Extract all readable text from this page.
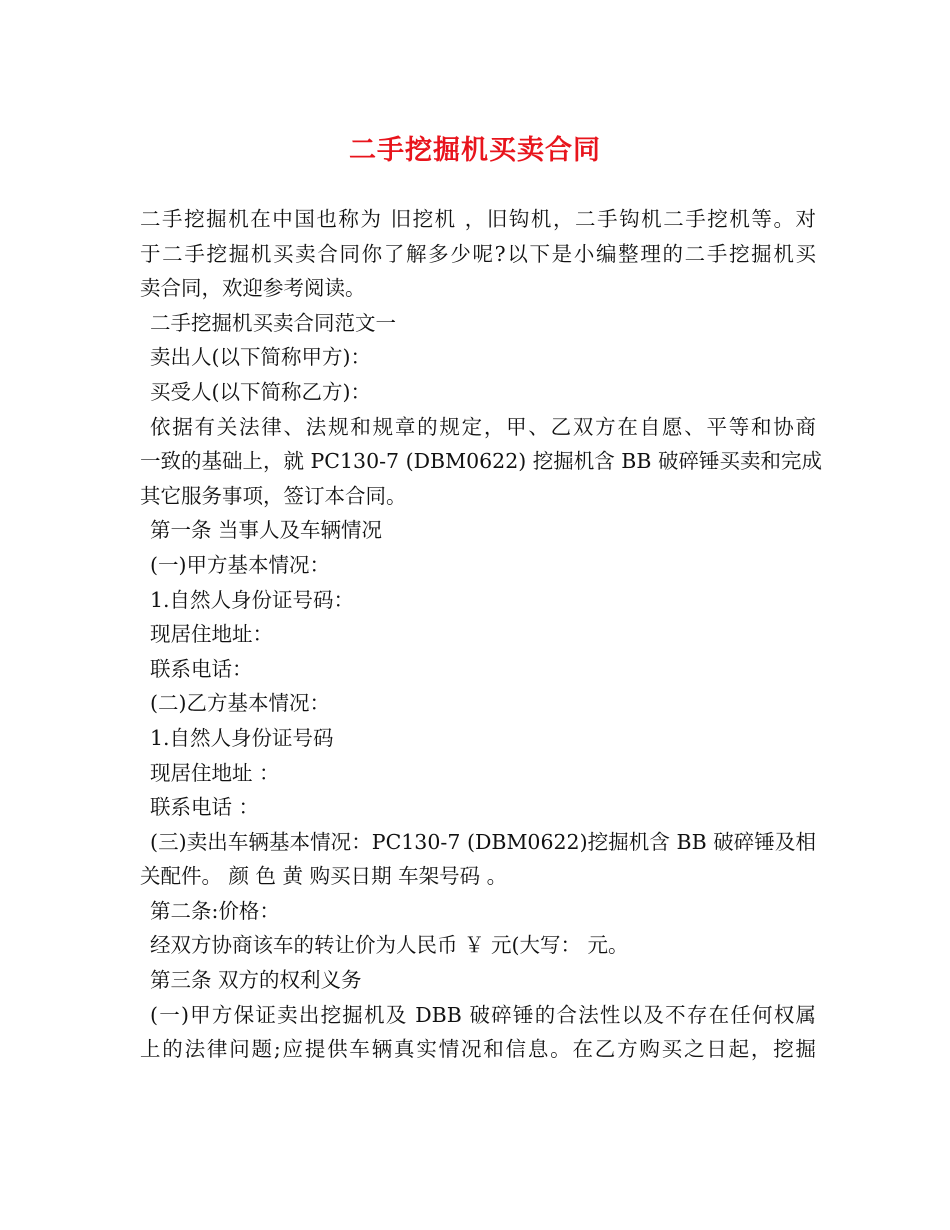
二手挖掘机买卖合同
二手挖掘机在中国也称为 旧挖机 ，旧钩机，二手钩机二手挖机等。对
于二手挖掘机买卖合同你了解多少呢?以下是小编整理的二手挖掘机买
卖合同，欢迎参考阅读。
二手挖掘机买卖合同范文一
卖出人(以下简称甲方)：
买受人(以下简称乙方)：
依据有关法律、法规和规章的规定，甲、乙双方在自愿、平等和协商
一致的基础上，就 PC130-7 (DBM0622) 挖掘机含 BB 破碎锤买卖和完成
其它服务事项，签订本合同。
第一条 当事人及车辆情况
(一)甲方基本情况：
1.自然人身份证号码：
现居住地址：
联系电话：
(二)乙方基本情况：
1.自然人身份证号码
现居住地址 ：
联系电话 ：
(三)卖出车辆基本情况：PC130-7 (DBM0622)挖掘机含 BB 破碎锤及相
关配件。 颜 色 黄 购买日期 车架号码 。
第二条:价格：
经双方协商该车的转让价为人民币 ￥ 元(大写： 元。
第三条 双方的权利义务
(一)甲方保证卖出挖掘机及 DBB 破碎锤的合法性以及不存在任何权属
上的法律问题;应提供车辆真实情况和信息。在乙方购买之日起，挖掘
